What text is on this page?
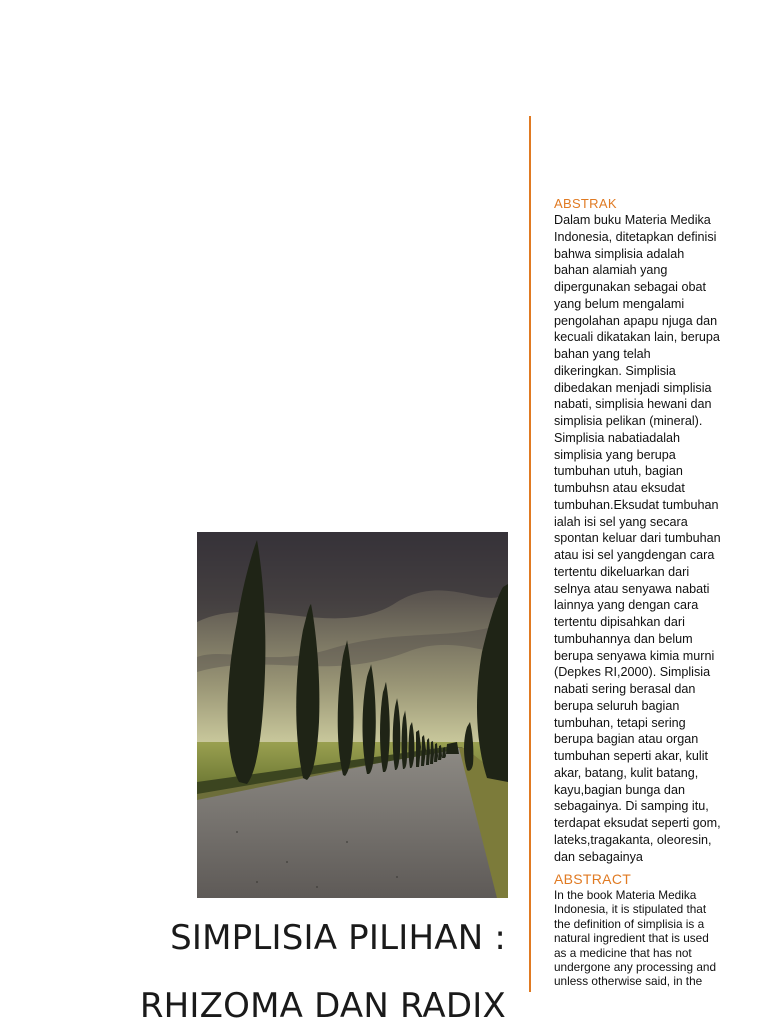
SIMPLISIA PILIHAN :
RHIZOMA DAN RADIX
ABSTRAK
Dalam buku Materia Medika
Indonesia, ditetapkan definisi
bahwa simplisia adalah
bahan alamiah yang
dipergunakan sebagai obat
yang belum mengalami
pengolahan apapu njuga dan
kecuali dikatakan lain, berupa
bahan yang telah
dikeringkan. Simplisia
dibedakan menjadi simplisia
nabati, simplisia hewani dan
simplisia pelikan (mineral).
Simplisia nabatiadalah
simplisia yang berupa
tumbuhan utuh, bagian
tumbuhsn atau eksudat
tumbuhan.Eksudat tumbuhan
ialah isi sel yang secara
spontan keluar dari tumbuhan
atau isi sel yangdengan cara
tertentu dikeluarkan dari
selnya atau senyawa nabati
lainnya yang dengan cara
tertentu dipisahkan dari
tumbuhannya dan belum
berupa senyawa kimia murni
(Depkes RI,2000). Simplisia
nabati sering berasal dan
berupa seluruh bagian
tumbuhan, tetapi sering
berupa bagian atau organ
tumbuhan seperti akar, kulit
akar, batang, kulit batang,
kayu,bagian bunga dan
sebagainya. Di samping itu,
terdapat eksudat seperti gom,
lateks,tragakanta, oleoresin,
dan sebagainya
ABSTRACT
In the book Materia Medika
Indonesia, it is stipulated that
the definition of simplisia is a
natural ingredient that is used
as a medicine that has not
undergone any processing and
unless otherwise said, in the
